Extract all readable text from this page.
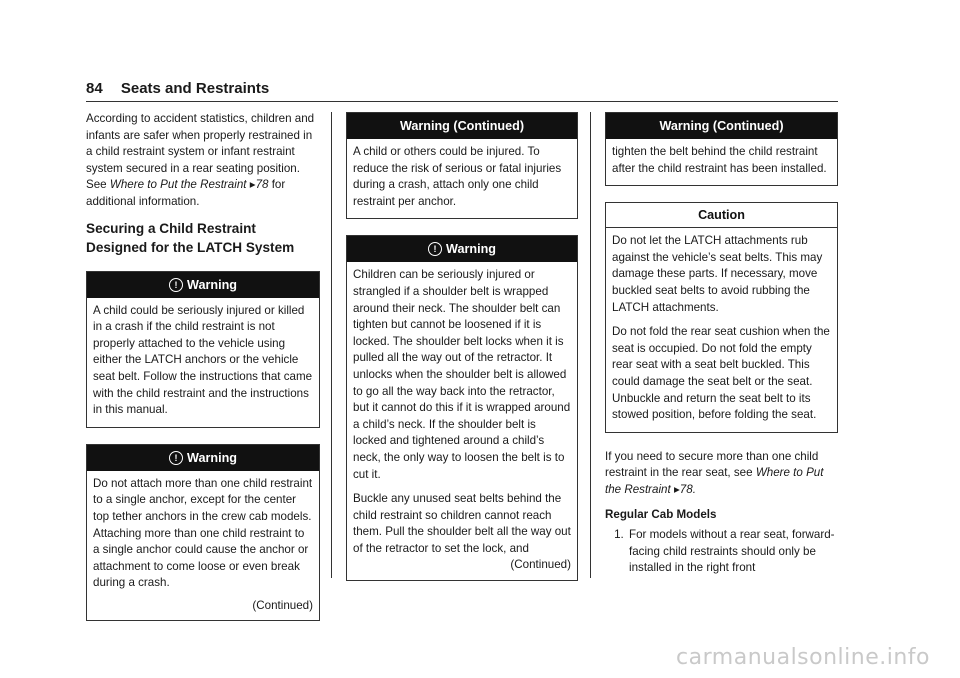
84 Seats and Restraints

According to accident statistics, children and infants are safer when properly restrained in a child restraint system or infant restraint system secured in a rear seating position. See Where to Put the Restraint ▸78 for additional information.

Securing a Child Restraint Designed for the LATCH System
! Warning

A child could be seriously injured or killed in a crash if the child restraint is not properly attached to the vehicle using either the LATCH anchors or the vehicle seat belt. Follow the instructions that came with the child restraint and the instructions in this manual.

! Warning

Do not attach more than one child restraint to a single anchor, except for the center top tether anchors in the crew cab models. Attaching more than one child restraint to a single anchor could cause the anchor or attachment to come loose or even break during a crash.

(Continued)
Warning (Continued)

A child or others could be injured. To reduce the risk of serious or fatal injuries during a crash, attach only one child restraint per anchor.

! Warning

Children can be seriously injured or strangled if a shoulder belt is wrapped around their neck. The shoulder belt can tighten but cannot be loosened if it is locked. The shoulder belt locks when it is pulled all the way out of the retractor. It unlocks when the shoulder belt is allowed to go all the way back into the retractor, but it cannot do this if it is wrapped around a child’s neck. If the shoulder belt is locked and tightened around a child’s neck, the only way to loosen the belt is to cut it.

Buckle any unused seat belts behind the child restraint so children cannot reach them. Pull the shoulder belt all the way out of the retractor to set the lock, and

(Continued)
Warning (Continued)

tighten the belt behind the child restraint after the child restraint has been installed.

Caution

Do not let the LATCH attachments rub against the vehicle’s seat belts. This may damage these parts. If necessary, move buckled seat belts to avoid rubbing the LATCH attachments.

Do not fold the rear seat cushion when the seat is occupied. Do not fold the empty rear seat with a seat belt buckled. This could damage the seat belt or the seat. Unbuckle and return the seat belt to its stowed position, before folding the seat.

If you need to secure more than one child restraint in the rear seat, see Where to Put the Restraint ▸78.

Regular Cab Models
1. For models without a rear seat, forward-facing child restraints should only be installed in the right front
carmanualsonline.info
